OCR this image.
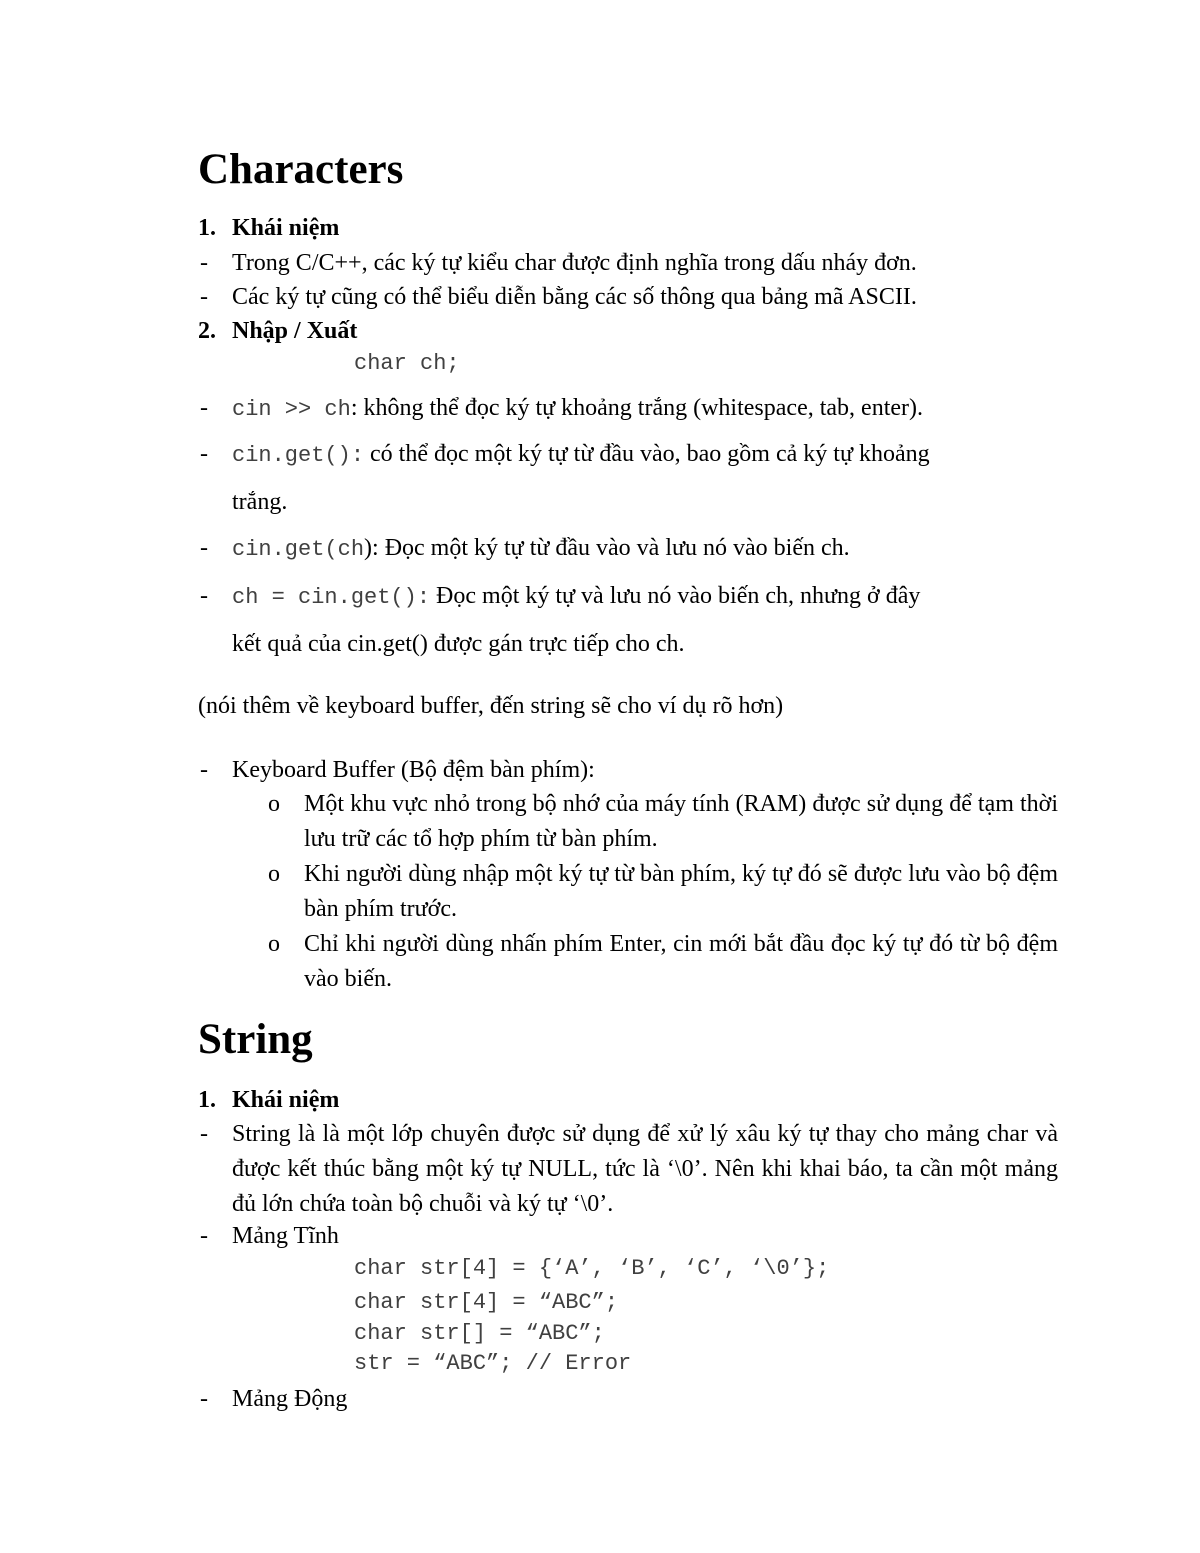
Characters
1. Khái niệm
- Trong C/C++, các ký tự kiểu char được định nghĩa trong dấu nháy đơn.
- Các ký tự cũng có thể biểu diễn bằng các số thông qua bảng mã ASCII.
2. Nhập / Xuất
char ch;
- cin >> ch: không thể đọc ký tự khoảng trắng (whitespace, tab, enter).
- cin.get(): có thể đọc một ký tự từ đầu vào, bao gồm cả ký tự khoảng
trắng.
- cin.get(ch): Đọc một ký tự từ đầu vào và lưu nó vào biến ch.
- ch = cin.get(): Đọc một ký tự và lưu nó vào biến ch, nhưng ở đây
kết quả của cin.get() được gán trực tiếp cho ch.
(nói thêm về keyboard buffer, đến string sẽ cho ví dụ rõ hơn)
- Keyboard Buffer (Bộ đệm bàn phím):
o Một khu vực nhỏ trong bộ nhớ của máy tính (RAM) được sử dụng để tạm thời lưu trữ các tổ hợp phím từ bàn phím.
o Khi người dùng nhập một ký tự từ bàn phím, ký tự đó sẽ được lưu vào bộ đệm bàn phím trước.
o Chỉ khi người dùng nhấn phím Enter, cin mới bắt đầu đọc ký tự đó từ bộ đệm vào biến.
String
1. Khái niệm
- String là là một lớp chuyên được sử dụng để xử lý xâu ký tự thay cho mảng char và được kết thúc bằng một ký tự NULL, tức là ‘\0’. Nên khi khai báo, ta cần một mảng đủ lớn chứa toàn bộ chuỗi và ký tự ‘\0’.
- Mảng Tĩnh
char str[4] = {‘A’, ‘B’, ‘C’, ‘\0’};
char str[4] = “ABC”;
char str[] = “ABC”;
str = “ABC”; // Error
- Mảng Động
